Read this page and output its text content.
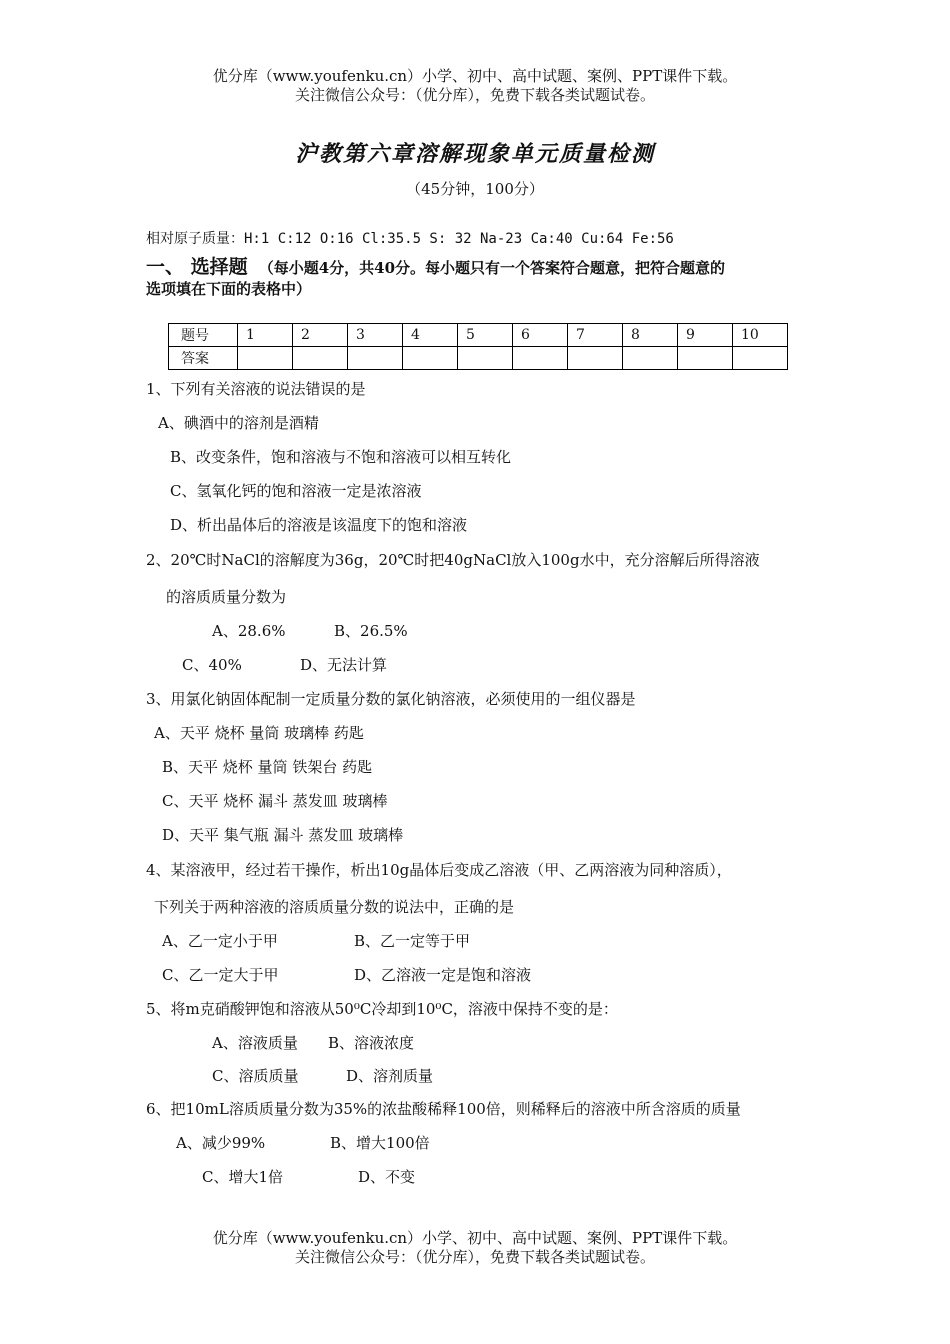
优分库（www.youfenku.cn）小学、初中、高中试题、案例、PPT课件下载。
关注微信公众号：（优分库），免费下载各类试题试卷。
沪教第六章溶解现象单元质量检测
（45分钟，100分）
相对原子质量：H:1 C:12 O:16 Cl:35.5 S: 32 Na-23 Ca:40 Cu:64 Fe:56
一、 选择题 （每小题4分，共40分。每小题只有一个答案符合题意，把符合题意的
选项填在下面的表格中）
题号	1	2	3	4	5	6	7	8	9	10
答案										
1、下列有关溶液的说法错误的是
A、碘酒中的溶剂是酒精
B、改变条件，饱和溶液与不饱和溶液可以相互转化
C、氢氧化钙的饱和溶液一定是浓溶液
D、析出晶体后的溶液是该温度下的饱和溶液
2、20℃时NaCl的溶解度为36g，20℃时把40gNaCl放入100g水中，充分溶解后所得溶液
的溶质质量分数为
A、28.6%	B、26.5%
C、40%	D、无法计算
3、用氯化钠固体配制一定质量分数的氯化钠溶液，必须使用的一组仪器是
A、天平 烧杯 量筒 玻璃棒 药匙
B、天平 烧杯 量筒 铁架台 药匙
C、天平 烧杯 漏斗 蒸发皿 玻璃棒
D、天平 集气瓶 漏斗 蒸发皿 玻璃棒
4、某溶液甲，经过若干操作，析出10g晶体后变成乙溶液（甲、乙两溶液为同种溶质），
下列关于两种溶液的溶质质量分数的说法中，正确的是
A、乙一定小于甲	B、乙一定等于甲
C、乙一定大于甲	D、乙溶液一定是饱和溶液
5、将m克硝酸钾饱和溶液从50⁰C冷却到10⁰C，溶液中保持不变的是：
A、溶液质量 B、溶液浓度
C、溶质质量	D、溶剂质量
6、把10mL溶质质量分数为35%的浓盐酸稀释100倍，则稀释后的溶液中所含溶质的质量
A、减少99%	B、增大100倍
C、增大1倍	D、不变
优分库（www.youfenku.cn）小学、初中、高中试题、案例、PPT课件下载。
关注微信公众号：（优分库），免费下载各类试题试卷。
